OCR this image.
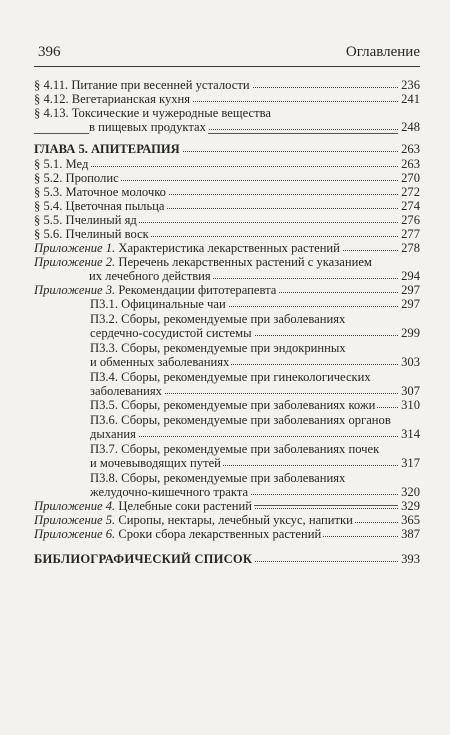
396	Оглавление
§ 4.11. Питание при весенней усталости	236
§ 4.12. Вегетарианская кухня	241
§ 4.13. Токсические и чужеродные вещества
в пищевых продуктах	248
ГЛАВА 5. АПИТЕРАПИЯ	263
§ 5.1. Мед	263
§ 5.2. Прополис	270
§ 5.3. Маточное молочко	272
§ 5.4. Цветочная пыльца	274
§ 5.5. Пчелиный яд	276
§ 5.6. Пчелиный воск	277
Приложение 1. Характеристика лекарственных растений	278
Приложение 2. Перечень лекарственных растений с указанием
их лечебного действия	294
Приложение 3. Рекомендации фитотерапевта	297
П3.1. Официнальные чаи	297
П3.2. Сборы, рекомендуемые при заболеваниях
сердечно-сосудистой системы	299
П3.3. Сборы, рекомендуемые при эндокринных
и обменных заболеваниях	303
П3.4. Сборы, рекомендуемые при гинекологических
заболеваниях	307
П3.5. Сборы, рекомендуемые при заболеваниях кожи 310
П3.6. Сборы, рекомендуемые при заболеваниях органов
дыхания	314
П3.7. Сборы, рекомендуемые при заболеваниях почек
и мочевыводящих путей	317
П3.8. Сборы, рекомендуемые при заболеваниях
желудочно-кишечного тракта	320
Приложение 4. Целебные соки растений	329
Приложение 5. Сиропы, нектары, лечебный уксус, напитки	365
Приложение 6. Сроки сбора лекарственных растений	387
БИБЛИОГРАФИЧЕСКИЙ СПИСОК	393
